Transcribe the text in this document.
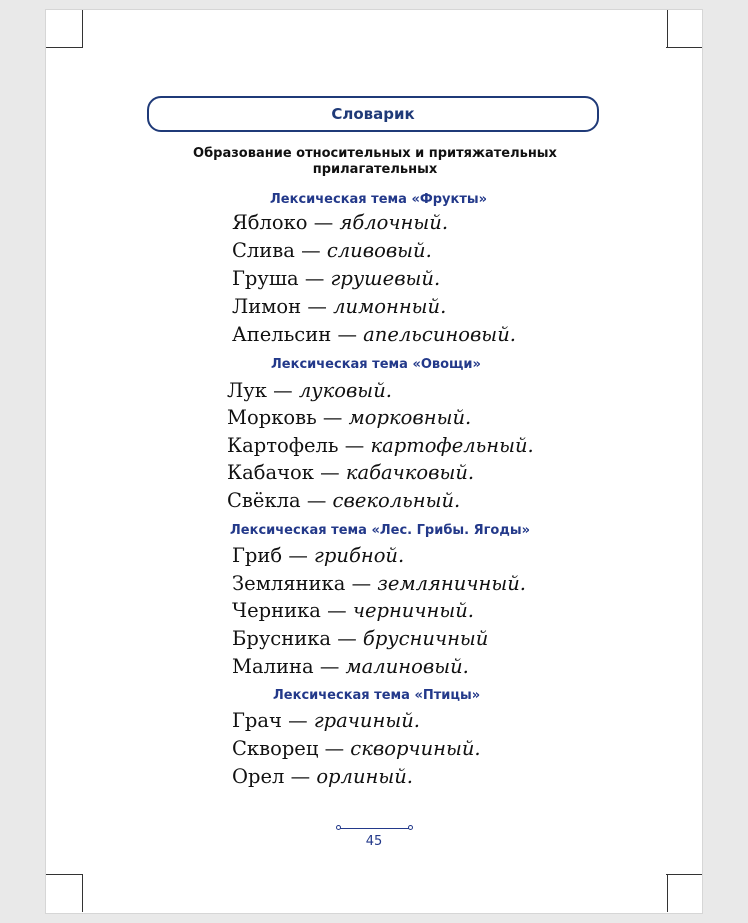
Словарик
Образование относительных и притяжательных прилагательных
Лексическая тема «Фрукты»
Яблоко — яблочный.
Слива — сливовый.
Груша — грушевый.
Лимон — лимонный.
Апельсин — апельсиновый.
Лексическая тема «Овощи»
Лук — луковый.
Морковь — морковный.
Картофель — картофельный.
Кабачок — кабачковый.
Свёкла — свекольный.
Лексическая тема «Лес. Грибы. Ягоды»
Гриб — грибной.
Земляника — земляничный.
Черника — черничный.
Брусника — брусничный
Малина — малиновый.
Лексическая тема «Птицы»
Грач — грачиный.
Скворец — скворчиный.
Орел — орлиный.
45
